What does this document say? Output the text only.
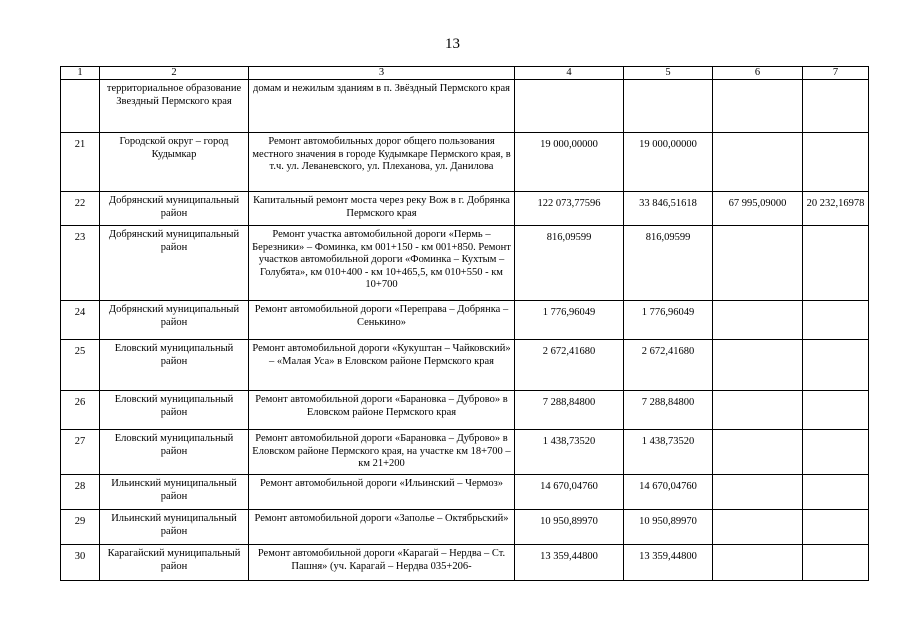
13
1	2	3	4	5	6	7
	территориальное образование Звездный Пермского края	домам и нежилым зданиям в п. Звёздный Пермского края				
21	Городской округ – город Кудымкар	Ремонт автомобильных дорог общего пользования местного значения в городе Кудымкаре Пермского края, в т.ч. ул. Леваневского, ул. Плеханова, ул. Данилова	19 000,00000	19 000,00000		
22	Добрянский муниципальный район	Капитальный ремонт моста через реку Вож в г. Добрянка Пермского края	122 073,77596	33 846,51618	67 995,09000	20 232,16978
23	Добрянский муниципальный район	Ремонт участка автомобильной дороги «Пермь – Березники» – Фоминка, км 001+150 - км 001+850. Ремонт участков автомобильной дороги «Фоминка – Кухтым – Голубята», км 010+400 - км 10+465,5, км 010+550 - км 10+700	816,09599	816,09599		
24	Добрянский муниципальный район	Ремонт автомобильной дороги «Переправа – Добрянка – Сенькино»	1 776,96049	1 776,96049		
25	Еловский муниципальный район	Ремонт автомобильной дороги «Кукуштан – Чайковский» – «Малая Уса» в Еловском районе Пермского края	2 672,41680	2 672,41680		
26	Еловский муниципальный район	Ремонт автомобильной дороги «Барановка – Дуброво» в Еловском районе Пермского края	7 288,84800	7 288,84800		
27	Еловский муниципальный район	Ремонт автомобильной дороги «Барановка – Дуброво» в Еловском районе Пермского края, на участке км 18+700 – км 21+200	1 438,73520	1 438,73520		
28	Ильинский муниципальный район	Ремонт автомобильной дороги «Ильинский – Чермоз»	14 670,04760	14 670,04760		
29	Ильинский муниципальный район	Ремонт автомобильной дороги «Заполье – Октябрьский»	10 950,89970	10 950,89970		
30	Карагайский муниципальный район	Ремонт автомобильной дороги «Карагай – Нердва – Ст. Пашня» (уч. Карагай – Нердва 035+206-	13 359,44800	13 359,44800		
